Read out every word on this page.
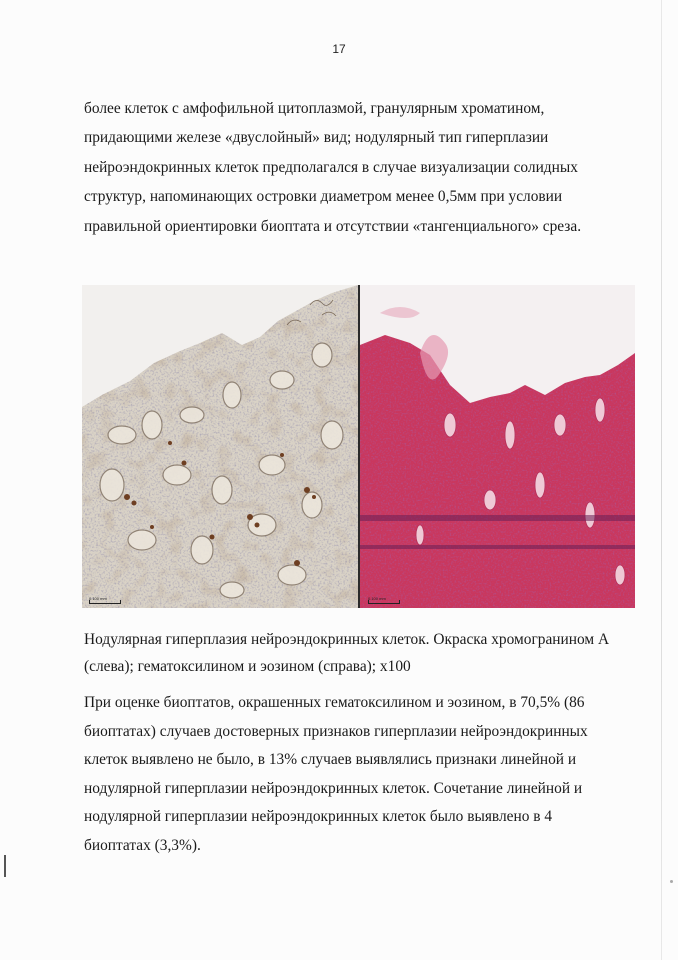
17

более клеток с амфофильной цитоплазмой, гранулярным хроматином, придающими железе «двуслойный» вид; нодулярный тип гиперплазии нейроэндокринных клеток предполагался в случае визуализации солидных структур, напоминающих островки диаметром менее 0,5мм при условии правильной ориентировки биоптата и отсутствии «тангенциального» среза.

0.100 mm	0.100 mm

Нодулярная гиперплазия нейроэндокринных клеток. Окраска хромогранином А (слева); гематоксилином и эозином (справа); х100

При оценке биоптатов, окрашенных гематоксилином и эозином, в 70,5% (86 биоптатах) случаев достоверных признаков гиперплазии нейроэндокринных клеток выявлено не было, в 13% случаев выявлялись признаки линейной и нодулярной гиперплазии нейроэндокринных клеток. Сочетание линейной и нодулярной гиперплазии нейроэндокринных клеток было выявлено в 4 биоптатах (3,3%).
